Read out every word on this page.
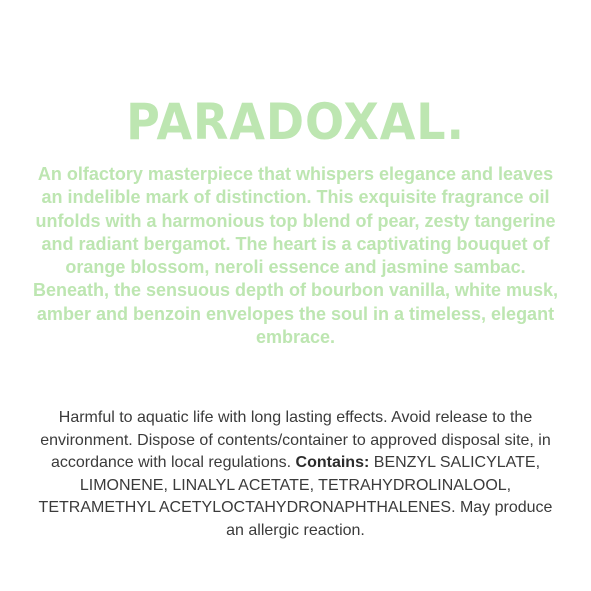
PARADOXAL.

An olfactory masterpiece that whispers elegance and leaves an indelible mark of distinction. This exquisite fragrance oil unfolds with a harmonious top blend of pear, zesty tangerine and radiant bergamot. The heart is a captivating bouquet of orange blossom, neroli essence and jasmine sambac. Beneath, the sensuous depth of bourbon vanilla, white musk, amber and benzoin envelopes the soul in a timeless, elegant embrace.

Harmful to aquatic life with long lasting effects. Avoid release to the environment. Dispose of contents/container to approved disposal site, in accordance with local regulations. Contains: BENZYL SALICYLATE, LIMONENE, LINALYL ACETATE, TETRAHYDROLINALOOL, TETRAMETHYL ACETYLOCTAHYDRONAPHTHALENES. May produce an allergic reaction.
